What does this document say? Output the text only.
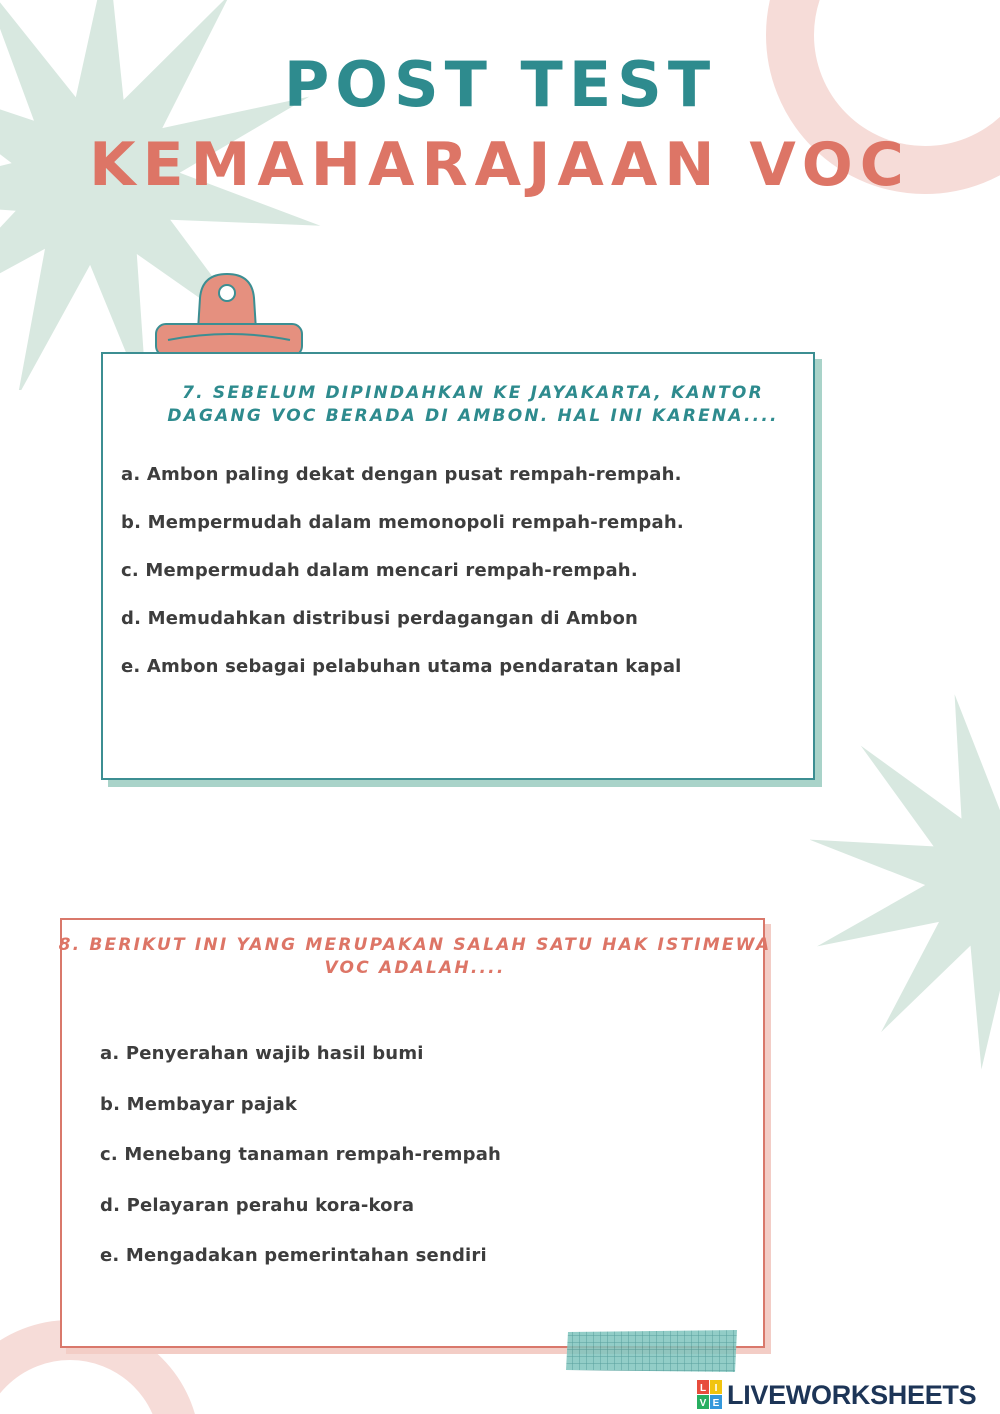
POST TEST
KEMAHARAJAAN VOC

7. SEBELUM DIPINDAHKAN KE JAYAKARTA, KANTOR DAGANG VOC BERADA DI AMBON. HAL INI KARENA....

a. Ambon paling dekat dengan pusat rempah-rempah.
b. Mempermudah dalam memonopoli rempah-rempah.
c. Mempermudah dalam mencari rempah-rempah.
d. Memudahkan distribusi perdagangan di Ambon
e. Ambon sebagai pelabuhan utama pendaratan kapal

8. BERIKUT INI YANG MERUPAKAN SALAH SATU HAK ISTIMEWA VOC ADALAH....

a. Penyerahan wajib hasil bumi
b. Membayar pajak
c. Menebang tanaman rempah-rempah
d. Pelayaran perahu kora-kora
e. Mengadakan pemerintahan sendiri
L I
V E LIVEWORKSHEETS
